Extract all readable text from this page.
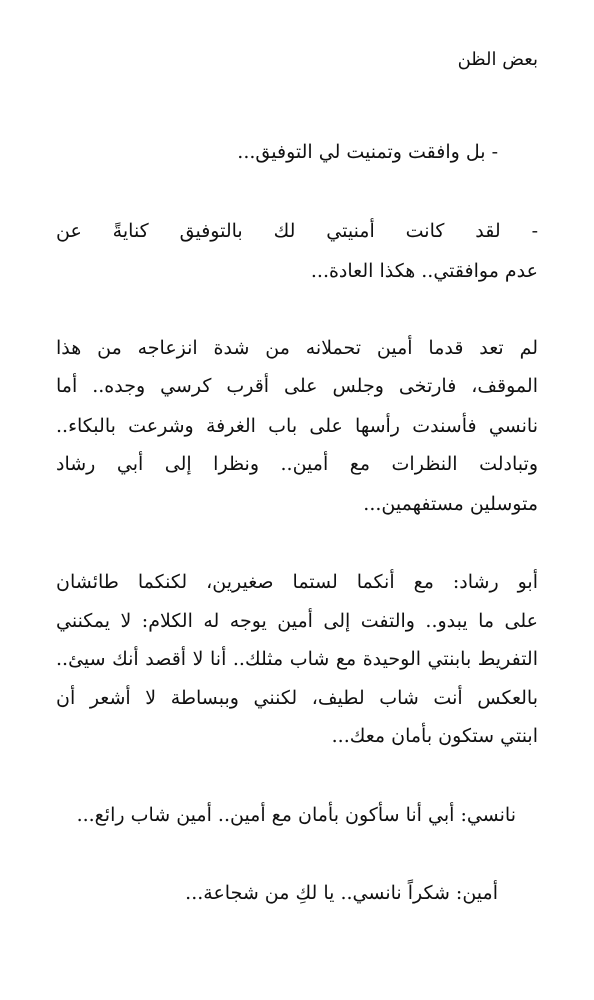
بعض الظن

- بل وافقت وتمنيت لي التوفيق...

- لقد كانت أمنيتي لك بالتوفيق كنايةً عن

عدم موافقتي.. هكذا العادة...

لم تعد قدما أمين تحملانه من شدة انزعاجه من هذا

الموقف، فارتخى وجلس على أقرب كرسي وجده.. أما

نانسي فأسندت رأسها على باب الغرفة وشرعت بالبكاء..

وتبادلت النظرات مع أمين.. ونظرا إلى أبي رشاد

متوسلين مستفهمين...

أبو رشاد: مع أنكما لستما صغيرين، لكنكما طائشان

على ما يبدو.. والتفت إلى أمين يوجه له الكلام: لا يمكنني

التفريط بابنتي الوحيدة مع شاب مثلك.. أنا لا أقصد أنك سيئ..

بالعكس أنت شاب لطيف، لكنني وببساطة لا أشعر أن

ابنتي ستكون بأمان معك...

نانسي: أبي أنا سأكون بأمان مع أمين.. أمين شاب رائع...

أمين: شكراً نانسي.. يا لكِ من شجاعة...
